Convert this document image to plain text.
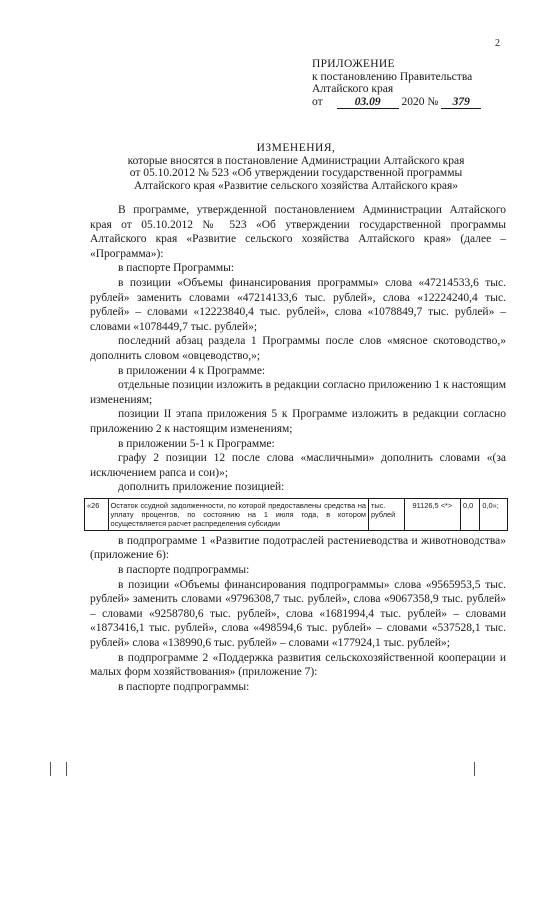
2
ПРИЛОЖЕНИЕ
к постановлению Правительства
Алтайского края
от	03.09 2020 № 379
ИЗМЕНЕНИЯ,
которые вносятся в постановление Администрации Алтайского края
от 05.10.2012 № 523 «Об утверждении государственной программы
Алтайского края «Развитие сельского хозяйства Алтайского края»

В программе, утвержденной постановлением Администрации Алтайского края от 05.10.2012 № 523 «Об утверждении государственной программы Алтайского края «Развитие сельского хозяйства Алтайского края» (далее – «Программа»):

в паспорте Программы:

в позиции «Объемы финансирования программы» слова «47214533,6 тыс. рублей» заменить словами «47214133,6 тыс. рублей», слова «12224240,4 тыс. рублей» – словами «12223840,4 тыс. рублей», слова «1078849,7 тыс. рублей» – словами «1078449,7 тыс. рублей»;

последний абзац раздела 1 Программы после слов «мясное скотоводство,» дополнить словом «овцеводство,»;

в приложении 4 к Программе:

отдельные позиции изложить в редакции согласно приложению 1 к настоящим изменениям;

позиции II этапа приложения 5 к Программе изложить в редакции согласно приложению 2 к настоящим изменениям;

в приложении 5-1 к Программе:

графу 2 позиции 12 после слова «масличными» дополнить словами «(за исключением рапса и сои)»;

дополнить приложение позицией:

«26	Остаток ссудной задолженности, по которой предоставлены средства на уплату процентов, по состоянию на 1 июля года, в котором осуществляется расчет распределения субсидии	тыс. рублей	91126,5 <*>	0,0	0,0»;

в подпрограмме 1 «Развитие подотраслей растениеводства и животноводства» (приложение 6):

в паспорте подпрограммы:

в позиции «Объемы финансирования подпрограммы» слова «9565953,5 тыс. рублей» заменить словами «9796308,7 тыс. рублей», слова «9067358,9 тыс. рублей» – словами «9258780,6 тыс. рублей», слова «1681994,4 тыс. рублей» – словами «1873416,1 тыс. рублей», слова «498594,6 тыс. рублей» – словами «537528,1 тыс. рублей» слова «138990,6 тыс. рублей» – словами «177924,1 тыс. рублей»;

в подпрограмме 2 «Поддержка развития сельскохозяйственной кооперации и малых форм хозяйствования» (приложение 7):

в паспорте подпрограммы:
